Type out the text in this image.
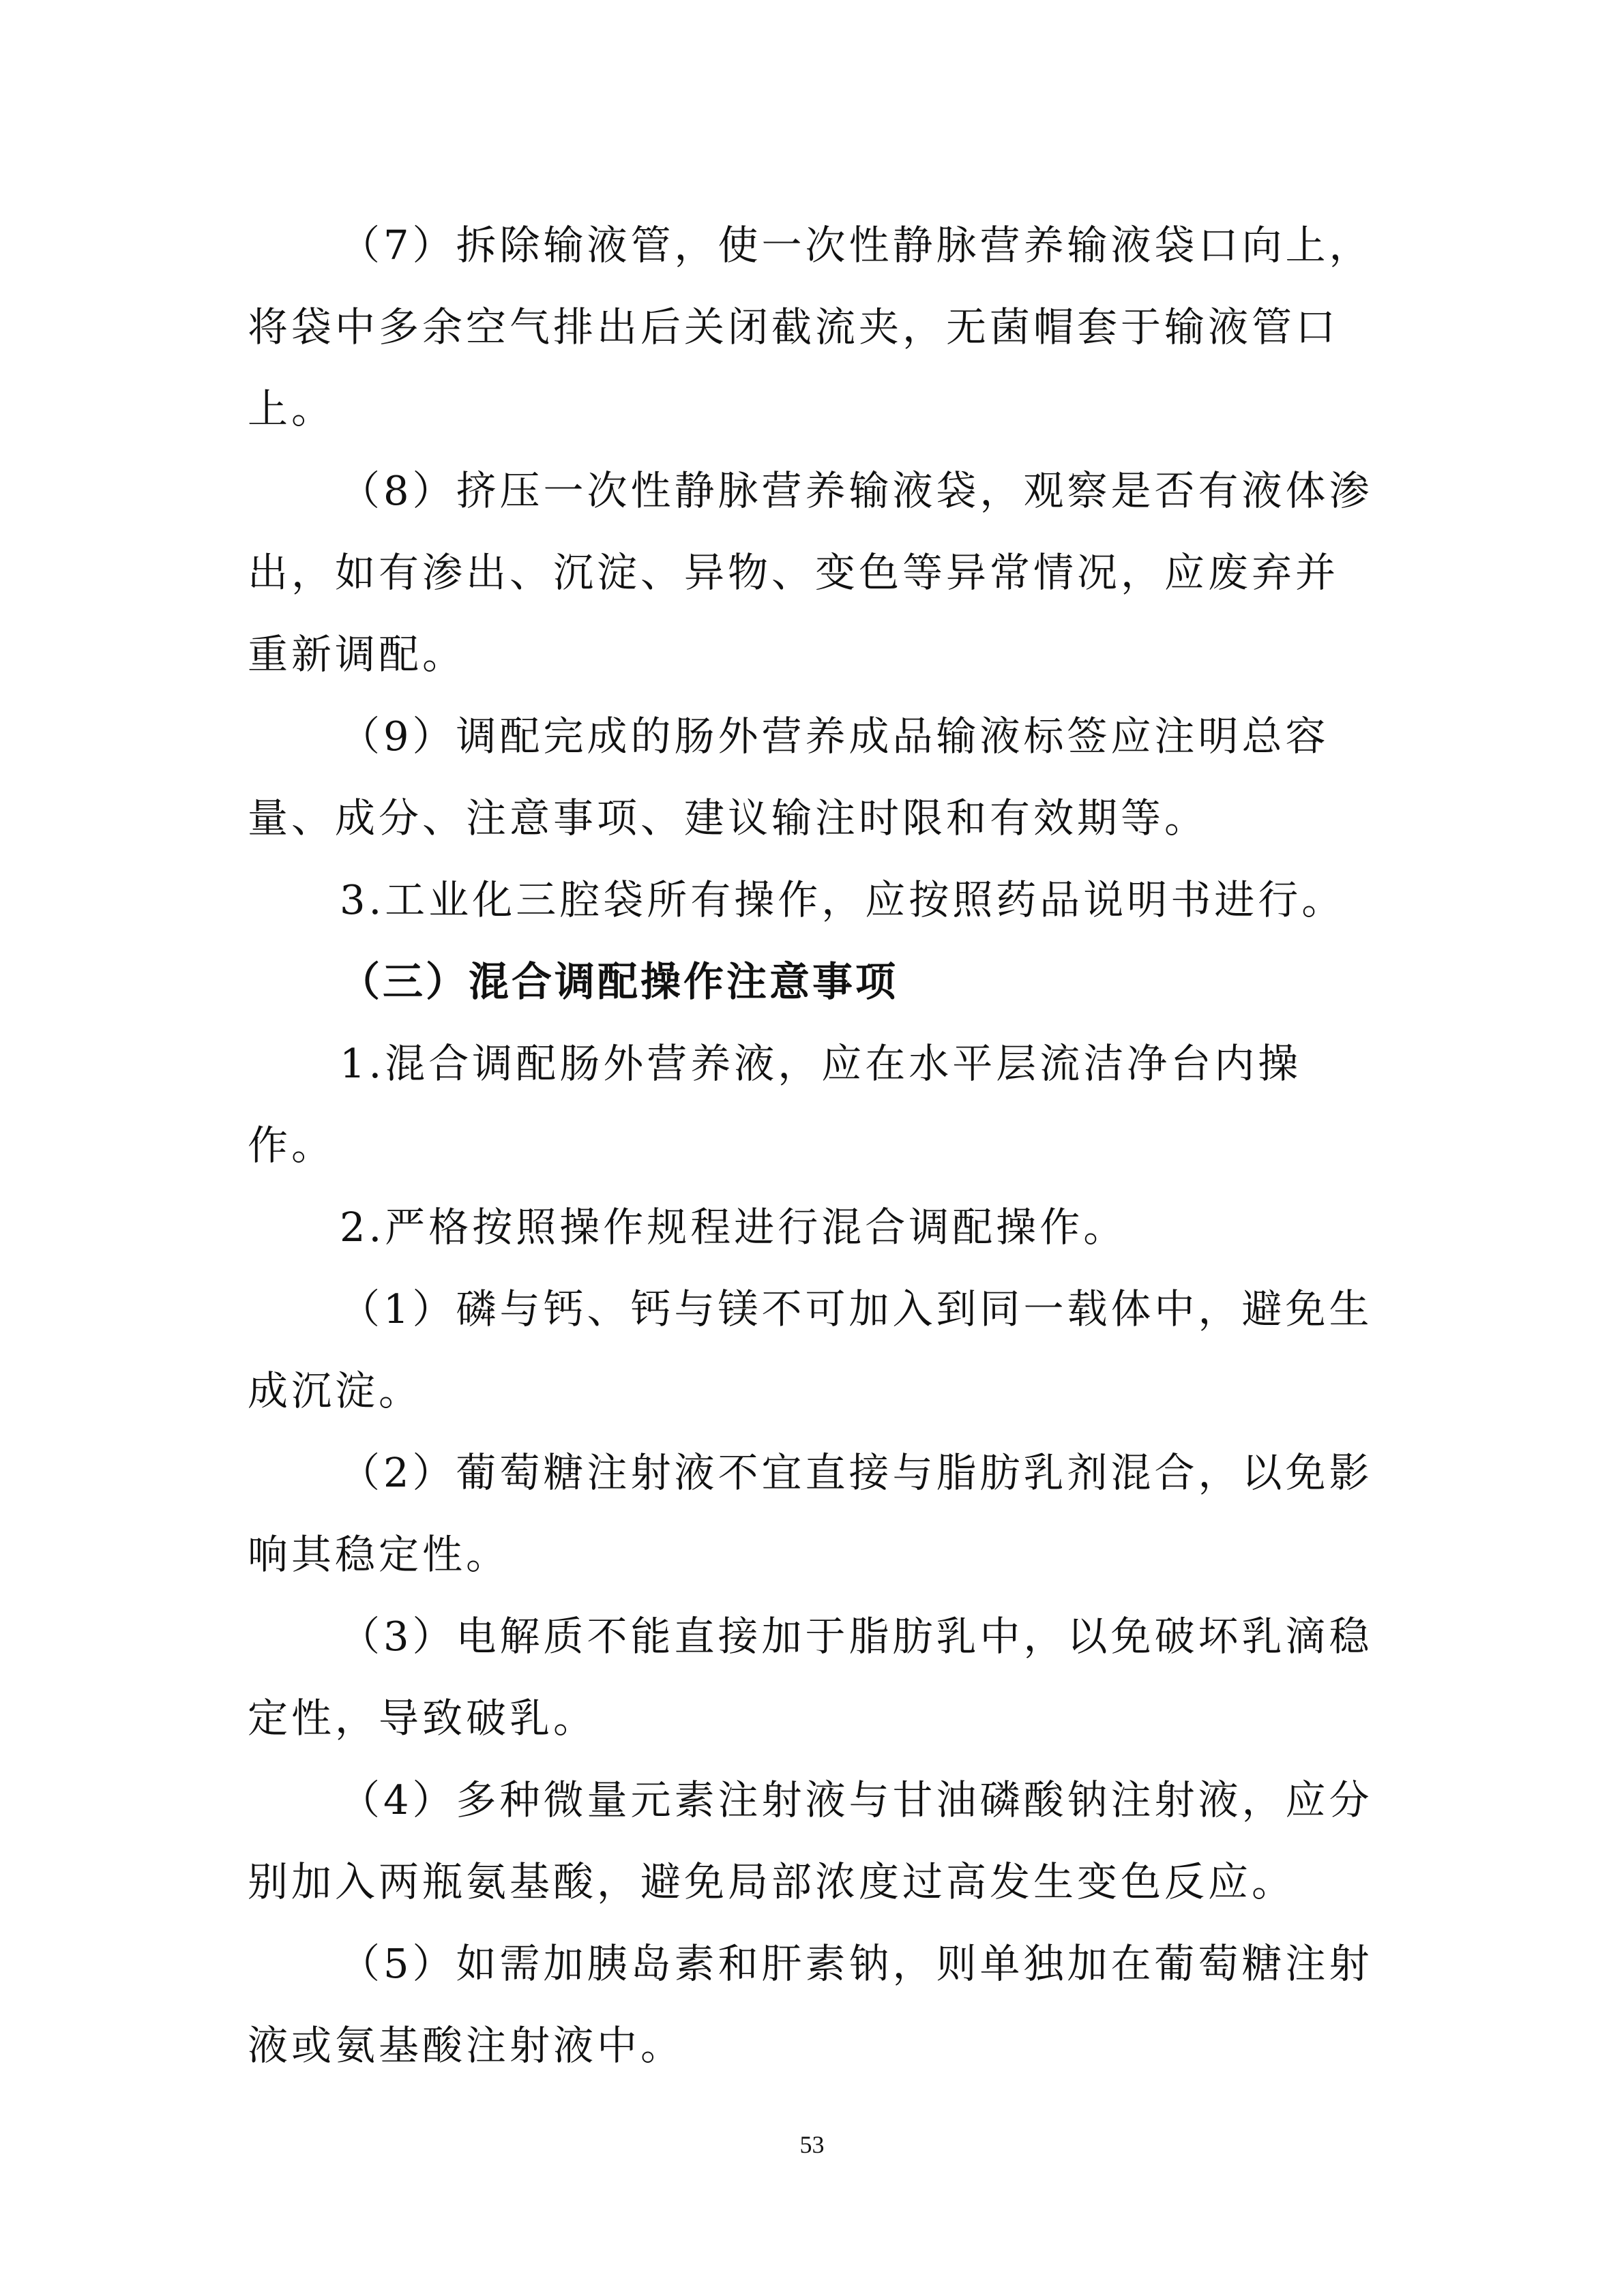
（7）拆除输液管，使一次性静脉营养输液袋口向上，将袋中多余空气排出后关闭截流夹，无菌帽套于输液管口上。

（8）挤压一次性静脉营养输液袋，观察是否有液体渗出，如有渗出、沉淀、异物、变色等异常情况，应废弃并重新调配。

（9）调配完成的肠外营养成品输液标签应注明总容量、成分、注意事项、建议输注时限和有效期等。

3.工业化三腔袋所有操作，应按照药品说明书进行。

（三）混合调配操作注意事项

1.混合调配肠外营养液，应在水平层流洁净台内操作。

2.严格按照操作规程进行混合调配操作。

（1）磷与钙、钙与镁不可加入到同一载体中，避免生成沉淀。

（2）葡萄糖注射液不宜直接与脂肪乳剂混合，以免影响其稳定性。

（3）电解质不能直接加于脂肪乳中，以免破坏乳滴稳定性，导致破乳。

（4）多种微量元素注射液与甘油磷酸钠注射液，应分别加入两瓶氨基酸，避免局部浓度过高发生变色反应。

（5）如需加胰岛素和肝素钠，则单独加在葡萄糖注射液或氨基酸注射液中。

53
